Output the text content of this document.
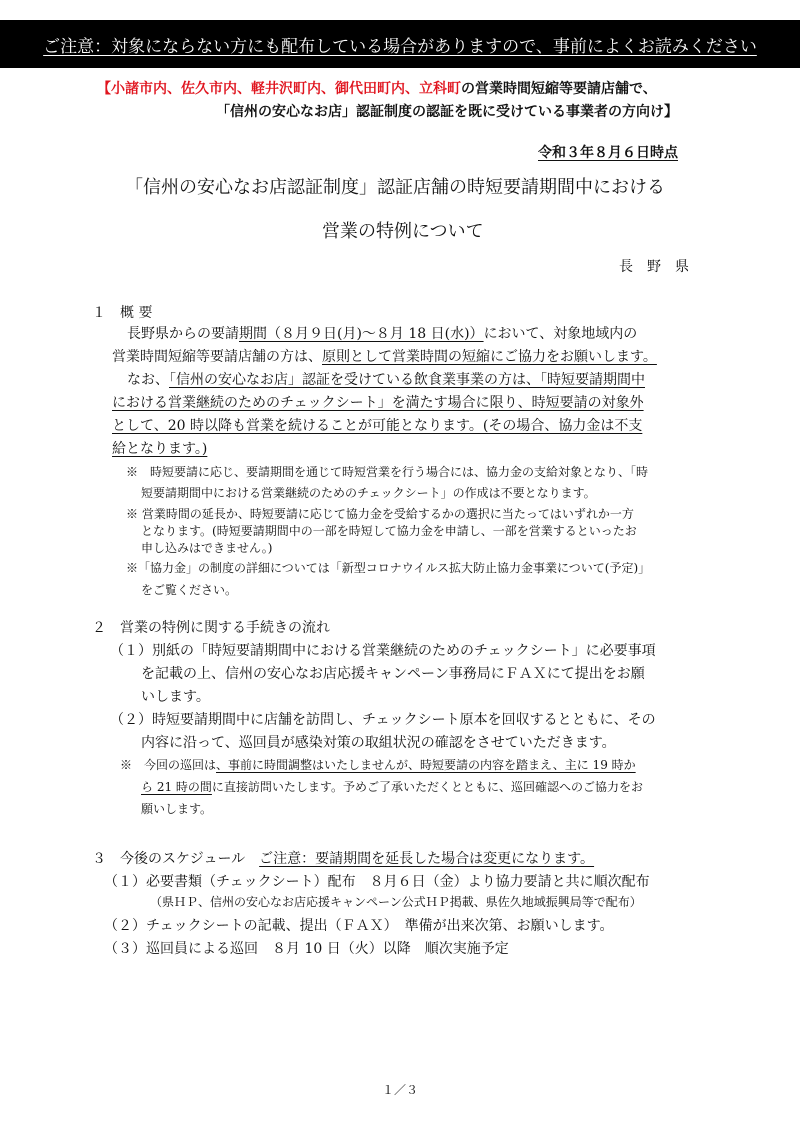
ご注意：対象にならない方にも配布している場合がありますので、事前によくお読みください
【小諸市内、佐久市内、軽井沢町内、御代田町内、立科町の営業時間短縮等要請店舗で、
「信州の安心なお店」認証制度の認証を既に受けている事業者の方向け】
令和３年８月６日時点
「信州の安心なお店認証制度」認証店舗の時短要請期間中における
営業の特例について
長　野　県
１　概 要
長野県からの要請期間（８月９日(月)～８月 18 日(水)）において、対象地域内の
営業時間短縮等要請店舗の方は、原則として営業時間の短縮にご協力をお願いします。
なお、「信州の安心なお店」認証を受けている飲食業事業の方は、「時短要請期間中
における営業継続のためのチェックシート」を満たす場合に限り、時短要請の対象外
として、20 時以降も営業を続けることが可能となります。(その場合、協力金は不支
給となります。)
※　時短要請に応じ、要請期間を通じて時短営業を行う場合には、協力金の支給対象となり、「時
短要請期間中における営業継続のためのチェックシート」の作成は不要となります。
※ 営業時間の延長か、時短要請に応じて協力金を受給するかの選択に当たってはいずれか一方
となります。(時短要請期間中の一部を時短して協力金を申請し、一部を営業するといったお
申し込みはできません。)
※「協力金」の制度の詳細については「新型コロナウイルス拡大防止協力金事業について(予定)」
をご覧ください。
２　営業の特例に関する手続きの流れ
（１）別紙の「時短要請期間中における営業継続のためのチェックシート」に必要事項
を記載の上、信州の安心なお店応援キャンペーン事務局にＦＡＸにて提出をお願
いします。
（２）時短要請期間中に店舗を訪問し、チェックシート原本を回収するとともに、その
内容に沿って、巡回員が感染対策の取組状況の確認をさせていただきます。
※　今回の巡回は、事前に時間調整はいたしませんが、時短要請の内容を踏まえ、主に 19 時か
ら 21 時の間に直接訪問いたします。予めご了承いただくとともに、巡回確認へのご協力をお
願いします。
３　今後のスケジュール　 ご注意：要請期間を延長した場合は変更になります。
（１）必要書類（チェックシート）配布　８月６日（金）より協力要請と共に順次配布
（県ＨＰ、信州の安心なお店応援キャンペーン公式ＨＰ掲載、県佐久地域振興局等で配布）
（２）チェックシートの記載、提出（ＦＡＸ）　準備が出来次第、お願いします。
（３）巡回員による巡回　８月 10 日（火）以降　順次実施予定
１／３
